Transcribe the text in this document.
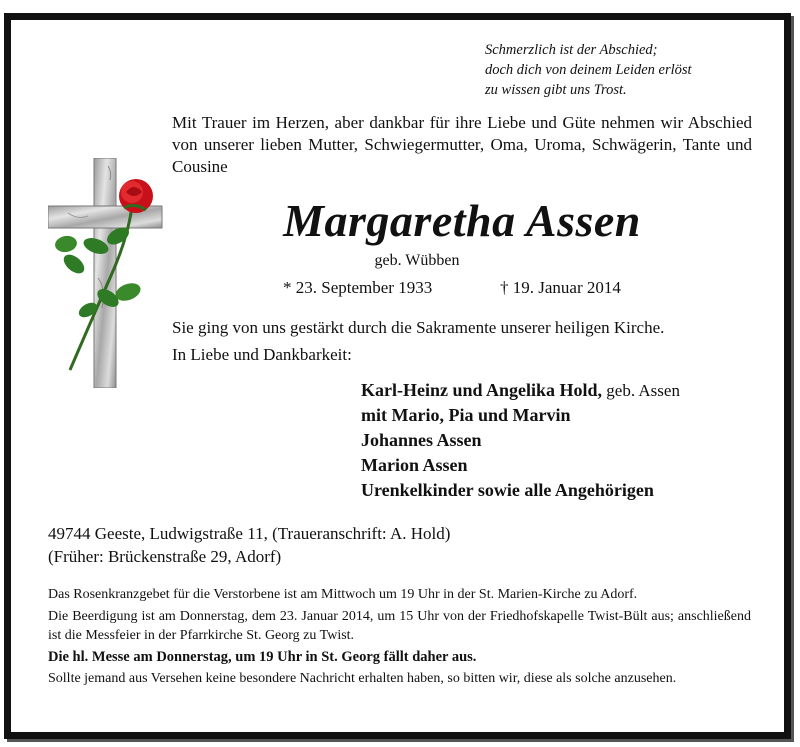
Schmerzlich ist der Abschied;
doch dich von deinem Leiden erlöst
zu wissen gibt uns Trost.
Mit Trauer im Herzen, aber dankbar für ihre Liebe und Güte nehmen wir Abschied von unserer lieben Mutter, Schwiegermutter, Oma, Uroma, Schwägerin, Tante und Cousine
Margaretha Assen
geb. Wübben
* 23. September 1933	† 19. Januar 2014
Sie ging von uns gestärkt durch die Sakramente unserer heiligen Kirche.
In Liebe und Dankbarkeit:
Karl-Heinz und Angelika Hold, geb. Assen
mit Mario, Pia und Marvin
Johannes Assen
Marion Assen
Urenkelkinder sowie alle Angehörigen
49744 Geeste, Ludwigstraße 11, (Traueranschrift: A. Hold)
(Früher: Brückenstraße 29, Adorf)

Das Rosenkranzgebet für die Verstorbene ist am Mittwoch um 19 Uhr in der St. Marien-Kirche zu Adorf.

Die Beerdigung ist am Donnerstag, dem 23. Januar 2014, um 15 Uhr von der Friedhofskapelle Twist-Bült aus; anschließend ist die Messfeier in der Pfarrkirche St. Georg zu Twist.

Die hl. Messe am Donnerstag, um 19 Uhr in St. Georg fällt daher aus.

Sollte jemand aus Versehen keine besondere Nachricht erhalten haben, so bitten wir, diese als solche anzusehen.
